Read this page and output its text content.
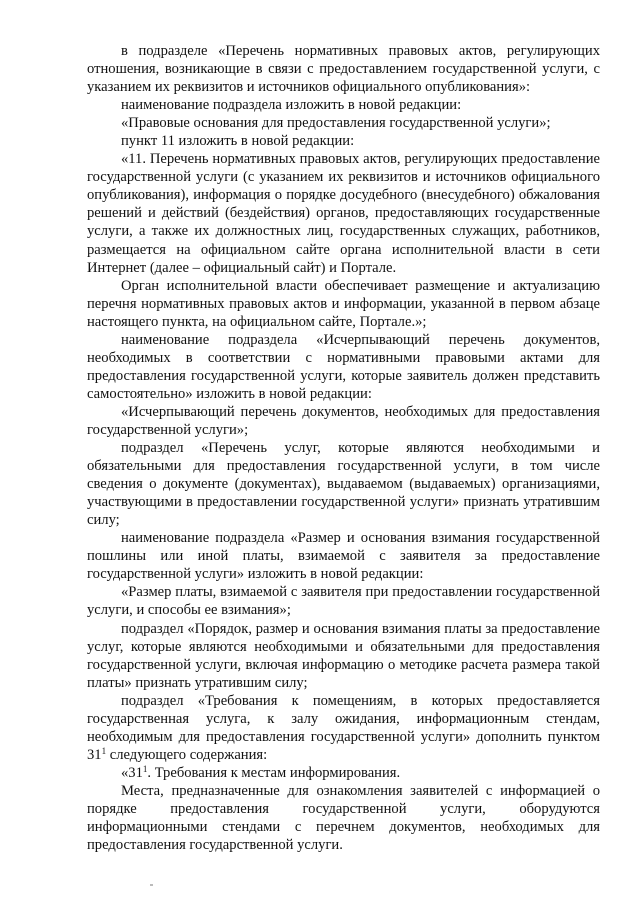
в подразделе «Перечень нормативных правовых актов, регулирующих отношения, возникающие в связи с предоставлением государственной услуги, с указанием их реквизитов и источников официального опубликования»:

наименование подраздела изложить в новой редакции:

«Правовые основания для предоставления государственной услуги»;

пункт 11 изложить в новой редакции:

«11. Перечень нормативных правовых актов, регулирующих предоставление государственной услуги (с указанием их реквизитов и источников официального опубликования), информация о порядке досудебного (внесудебного) обжалования решений и действий (бездействия) органов, предоставляющих государственные услуги, а также их должностных лиц, государственных служащих, работников, размещается на официальном сайте органа исполнительной власти в сети Интернет (далее – официальный сайт) и Портале.

Орган исполнительной власти обеспечивает размещение и актуализацию перечня нормативных правовых актов и информации, указанной в первом абзаце настоящего пункта, на официальном сайте, Портале.»;

наименование подраздела «Исчерпывающий перечень документов, необходимых в соответствии с нормативными правовыми актами для предоставления государственной услуги, которые заявитель должен представить самостоятельно» изложить в новой редакции:

«Исчерпывающий перечень документов, необходимых для предоставления государственной услуги»;

подраздел «Перечень услуг, которые являются необходимыми и обязательными для предоставления государственной услуги, в том числе сведения о документе (документах), выдаваемом (выдаваемых) организациями, участвующими в предоставлении государственной услуги» признать утратившим силу;

наименование подраздела «Размер и основания взимания государственной пошлины или иной платы, взимаемой с заявителя за предоставление государственной услуги» изложить в новой редакции:

«Размер платы, взимаемой с заявителя при предоставлении государственной услуги, и способы ее взимания»;

подраздел «Порядок, размер и основания взимания платы за предоставление услуг, которые являются необходимыми и обязательными для предоставления государственной услуги, включая информацию о методике расчета размера такой платы» признать утратившим силу;

подраздел «Требования к помещениям, в которых предоставляется государственная услуга, к залу ожидания, информационным стендам, необходимым для предоставления государственной услуги» дополнить пунктом $31^1$ следующего содержания:

«$31^1$. Требования к местам информирования.

Места, предназначенные для ознакомления заявителей с информацией о порядке предоставления государственной услуги, оборудуются информационными стендами с перечнем документов, необходимых для предоставления государственной услуги.
